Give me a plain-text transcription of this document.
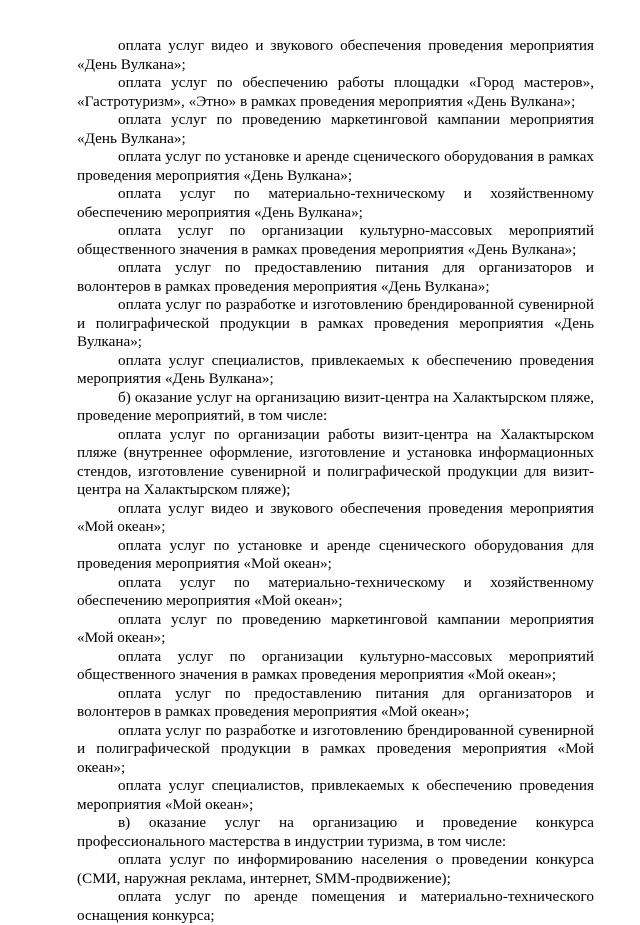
оплата услуг видео и звукового обеспечения проведения мероприятия «День Вулкана»;

оплата услуг по обеспечению работы площадки «Город мастеров», «Гастротуризм», «Этно» в рамках проведения мероприятия «День Вулкана»;

оплата услуг по проведению маркетинговой кампании мероприятия «День Вулкана»;

оплата услуг по установке и аренде сценического оборудования в рамках проведения мероприятия «День Вулкана»;

оплата услуг по материально-техническому и хозяйственному обеспечению мероприятия «День Вулкана»;

оплата услуг по организации культурно-массовых мероприятий общественного значения в рамках проведения мероприятия «День Вулкана»;

оплата услуг по предоставлению питания для организаторов и волонтеров в рамках проведения мероприятия «День Вулкана»;

оплата услуг по разработке и изготовлению брендированной сувенирной и полиграфической продукции в рамках проведения мероприятия «День Вулкана»;

оплата услуг специалистов, привлекаемых к обеспечению проведения мероприятия «День Вулкана»;

б) оказание услуг на организацию визит-центра на Халактырском пляже, проведение мероприятий, в том числе:

оплата услуг по организации работы визит-центра на Халактырском пляже (внутреннее оформление, изготовление и установка информационных стендов, изготовление сувенирной и полиграфической продукции для визит-центра на Халактырском пляже);

оплата услуг видео и звукового обеспечения проведения мероприятия «Мой океан»;

оплата услуг по установке и аренде сценического оборудования для проведения мероприятия «Мой океан»;

оплата услуг по материально-техническому и хозяйственному обеспечению мероприятия «Мой океан»;

оплата услуг по проведению маркетинговой кампании мероприятия «Мой океан»;

оплата услуг по организации культурно-массовых мероприятий общественного значения в рамках проведения мероприятия «Мой океан»;

оплата услуг по предоставлению питания для организаторов и волонтеров в рамках проведения мероприятия «Мой океан»;

оплата услуг по разработке и изготовлению брендированной сувенирной и полиграфической продукции в рамках проведения мероприятия «Мой океан»;

оплата услуг специалистов, привлекаемых к обеспечению проведения мероприятия «Мой океан»;

в) оказание услуг на организацию и проведение конкурса профессионального мастерства в индустрии туризма, в том числе:

оплата услуг по информированию населения о проведении конкурса (СМИ, наружная реклама, интернет, SMM-продвижение);

оплата услуг по аренде помещения и материально-технического оснащения конкурса;
